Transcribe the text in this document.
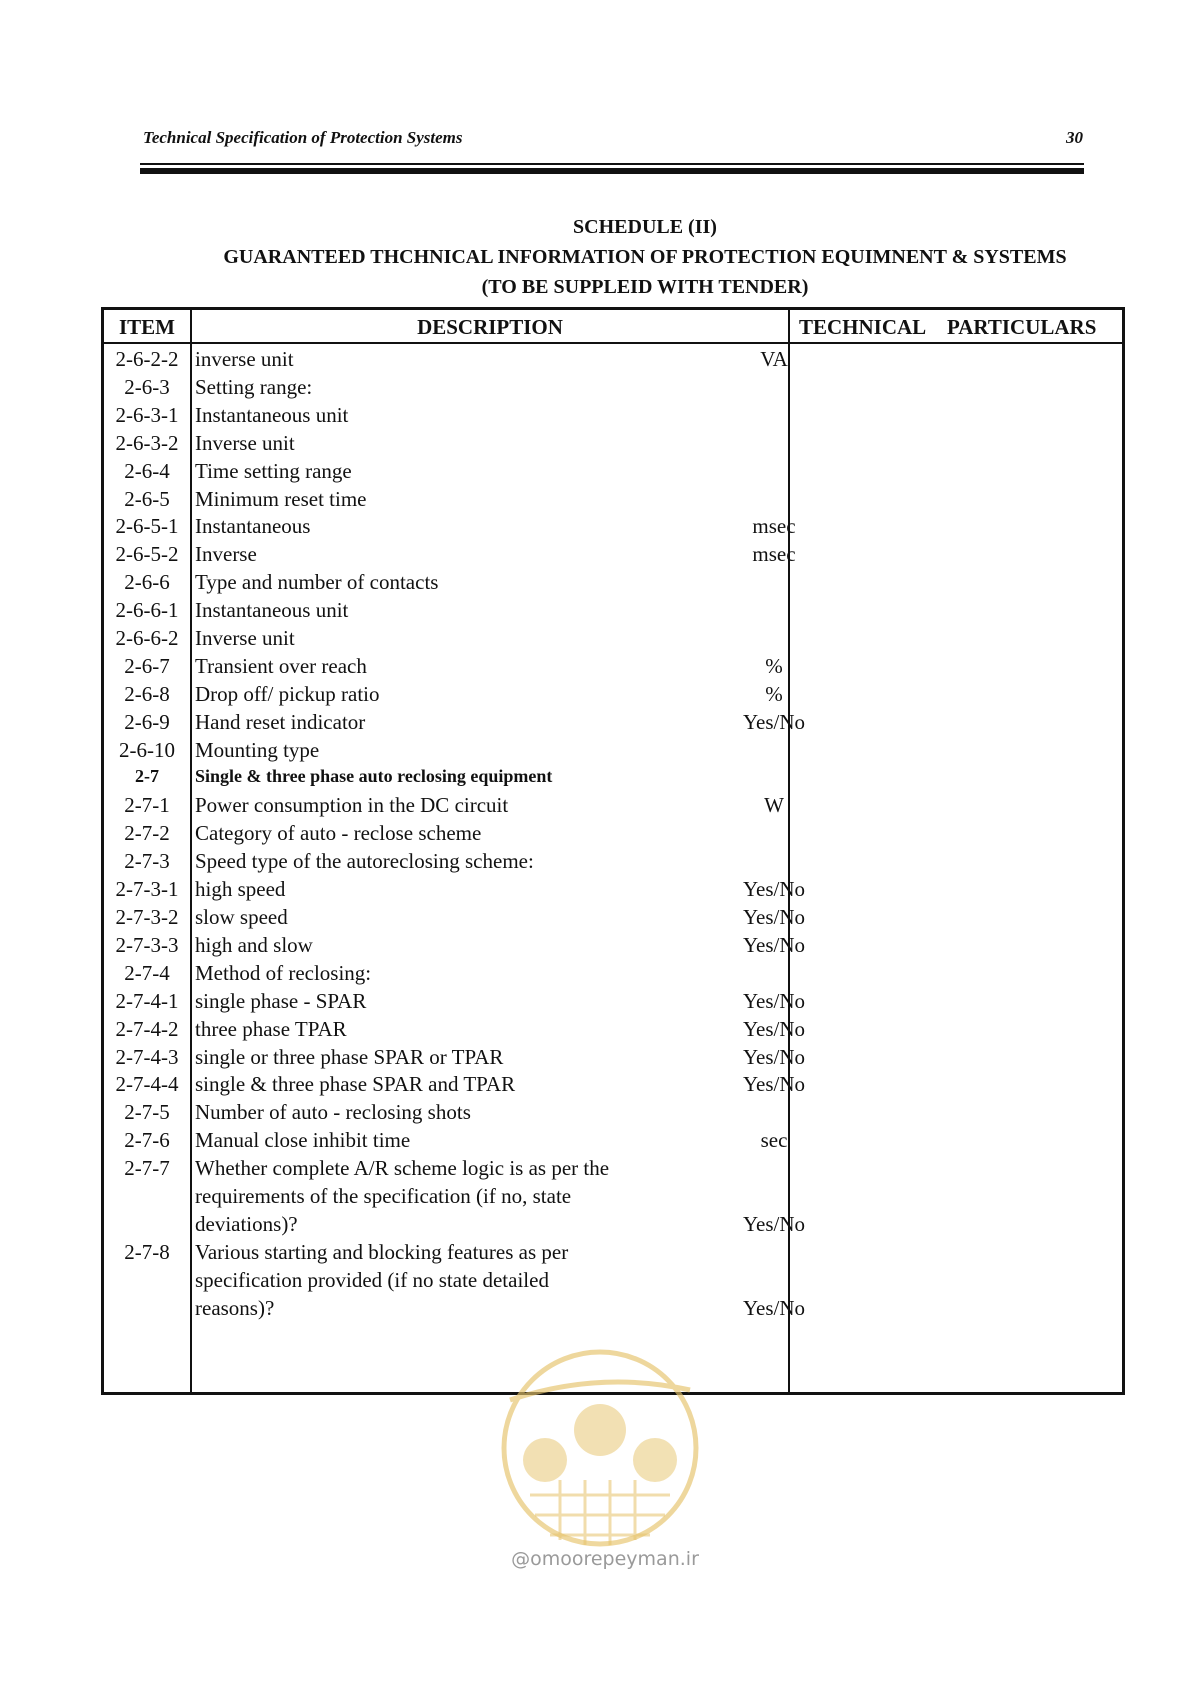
Technical Specification of Protection Systems	30
SCHEDULE (II)
GUARANTEED THCHNICAL INFORMATION OF PROTECTION EQUIMNENT & SYSTEMS
(TO BE SUPPLEID WITH TENDER)
ITEM	DESCRIPTION	TECHNICAL PARTICULARS
2-6-2-2 inverse unit	VA
2-6-3	Setting range:
2-6-3-1 Instantaneous unit
2-6-3-2 Inverse unit
2-6-4	Time setting range
2-6-5	Minimum reset time
2-6-5-1 Instantaneous	msec
2-6-5-2 Inverse	msec
2-6-6	Type and number of contacts
2-6-6-1 Instantaneous unit
2-6-6-2 Inverse unit
2-6-7	Transient over reach	%
2-6-8	Drop off/ pickup ratio	%
2-6-9	Hand reset indicator	Yes/No
2-6-10 Mounting type
2-7	Single & three phase auto reclosing equipment
2-7-1	Power consumption in the DC circuit	W
2-7-2	Category of auto - reclose scheme
2-7-3	Speed type of the autoreclosing scheme:
2-7-3-1 high speed	Yes/No
2-7-3-2 slow speed	Yes/No
2-7-3-3 high and slow	Yes/No
2-7-4	Method of reclosing:
2-7-4-1 single phase - SPAR	Yes/No
2-7-4-2 three phase TPAR	Yes/No
2-7-4-3 single or three phase SPAR or TPAR	Yes/No
2-7-4-4 single & three phase SPAR and TPAR	Yes/No
2-7-5	Number of auto - reclosing shots
2-7-6	Manual close inhibit time	sec
2-7-7	Whether complete A/R scheme logic is as per the
requirements of the specification (if no, state
deviations)?	Yes/No
2-7-8	Various starting and blocking features as per
specification provided (if no state detailed
reasons)?	Yes/No
@omoorepeyman.ir
